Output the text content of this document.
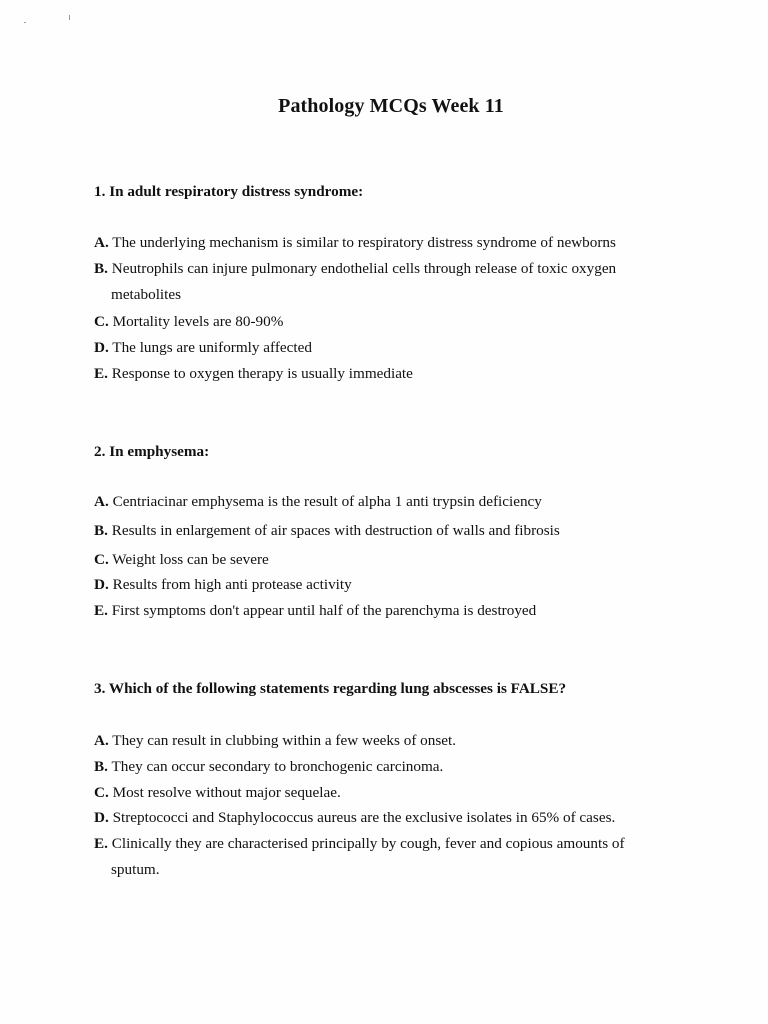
Pathology MCQs Week 11
1. In adult respiratory distress syndrome:
A. The underlying mechanism is similar to respiratory distress syndrome of newborns
B. Neutrophils can injure pulmonary endothelial cells through release of toxic oxygen
metabolites
C. Mortality levels are 80-90%
D. The lungs are uniformly affected
E. Response to oxygen therapy is usually immediate
2. In emphysema:
A. Centriacinar emphysema is the result of alpha 1 anti trypsin deficiency
B. Results in enlargement of air spaces with destruction of walls and fibrosis
C. Weight loss can be severe
D. Results from high anti protease activity
E. First symptoms don't appear until half of the parenchyma is destroyed
3. Which of the following statements regarding lung abscesses is FALSE?
A. They can result in clubbing within a few weeks of onset.
B. They can occur secondary to bronchogenic carcinoma.
C. Most resolve without major sequelae.
D. Streptococci and Staphylococcus aureus are the exclusive isolates in 65% of cases.
E. Clinically they are characterised principally by cough, fever and copious amounts of
sputum.
